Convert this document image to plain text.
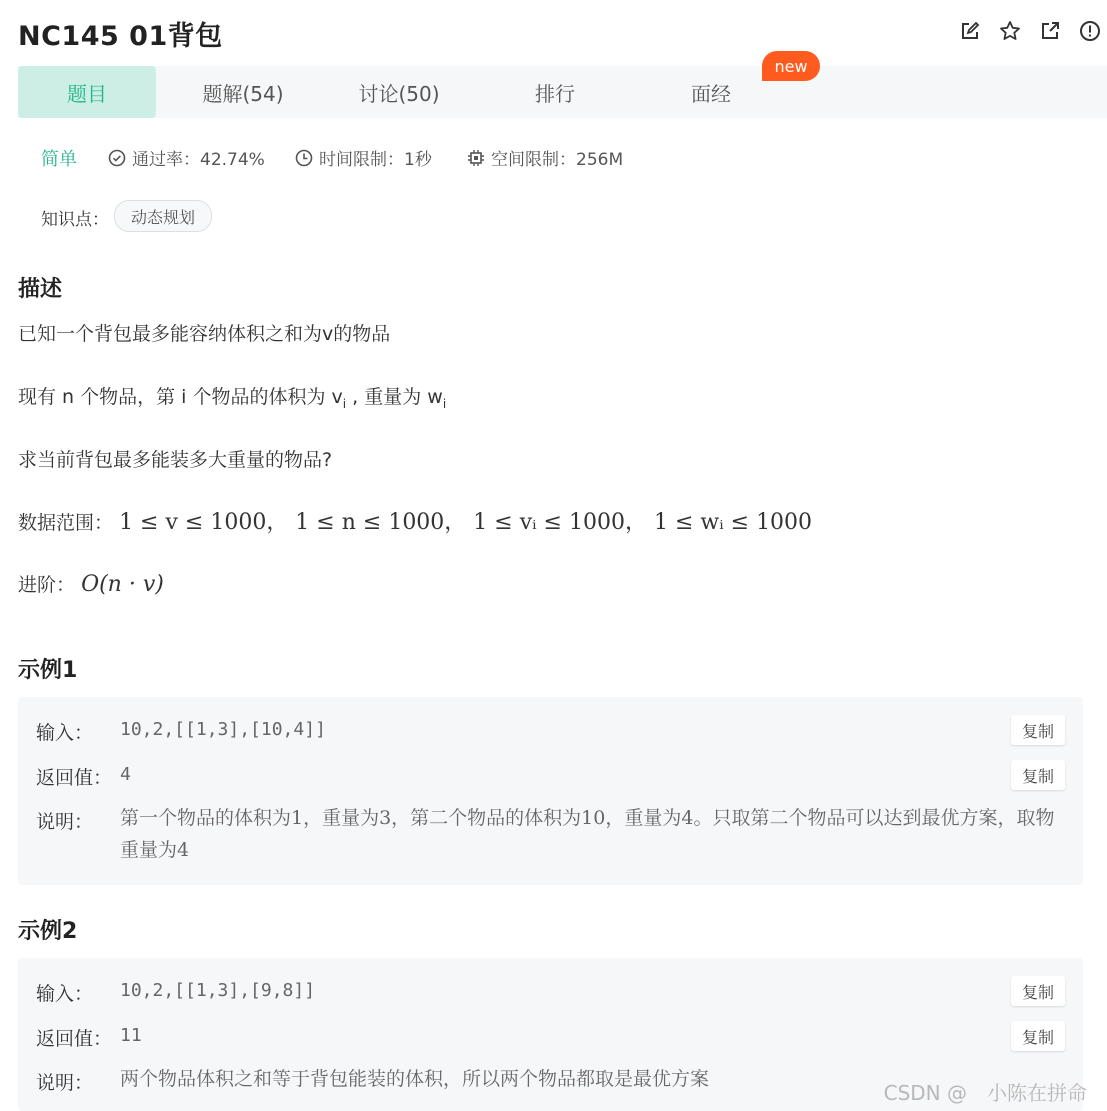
NC145 01背包
题目	题解(54)	讨论(50)	排行	面经
new
简单	通过率：42.74%	时间限制：1秒	空间限制：256M
知识点：	动态规划
描述
已知一个背包最多能容纳体积之和为v的物品
现有 n 个物品，第 i 个物品的体积为 $v_i$ , 重量为 $w_i$
求当前背包最多能装多大重量的物品?
数据范围： 1 ≤ v ≤ 1000， 1 ≤ n ≤ 1000， 1 ≤ vᵢ ≤ 1000， 1 ≤ wᵢ ≤ 1000
进阶： O(n · v)
示例1
输入： 10,2,[[1,3],[10,4]]	复制
返回值： 4	复制
说明： 第一个物品的体积为1，重量为3，第二个物品的体积为10，重量为4。只取第二个物品可以达到最优方案，取物重量为4
示例2
输入： 10,2,[[1,3],[9,8]]	复制
返回值： 11	复制
说明： 两个物品体积之和等于背包能装的体积，所以两个物品都取是最优方案
CSDN @　小陈在拼命
